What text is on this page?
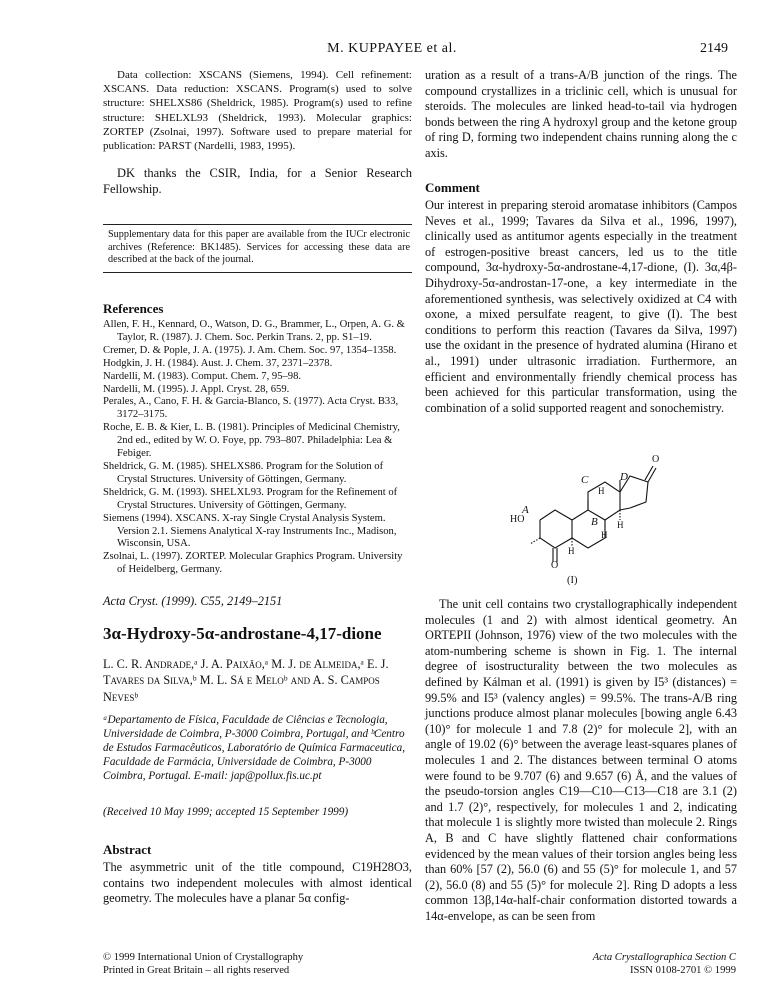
M. KUPPAYEE et al.	2149

Data collection: XSCANS (Siemens, 1994). Cell refinement: XSCANS. Data reduction: XSCANS. Program(s) used to solve structure: SHELXS86 (Sheldrick, 1985). Program(s) used to refine structure: SHELXL93 (Sheldrick, 1993). Molecular graphics: ZORTEP (Zsolnai, 1997). Software used to prepare material for publication: PARST (Nardelli, 1983, 1995).

DK thanks the CSIR, India, for a Senior Research Fellowship.

Supplementary data for this paper are available from the IUCr electronic archives (Reference: BK1485). Services for accessing these data are described at the back of the journal.

References

Allen, F. H., Kennard, O., Watson, D. G., Brammer, L., Orpen, A. G. & Taylor, R. (1987). J. Chem. Soc. Perkin Trans. 2, pp. S1–19.

Cremer, D. & Pople, J. A. (1975). J. Am. Chem. Soc. 97, 1354–1358.

Hodgkin, J. H. (1984). Aust. J. Chem. 37, 2371–2378.

Nardelli, M. (1983). Comput. Chem. 7, 95–98.

Nardelli, M. (1995). J. Appl. Cryst. 28, 659.

Perales, A., Cano, F. H. & Garcia-Blanco, S. (1977). Acta Cryst. B33, 3172–3175.

Roche, E. B. & Kier, L. B. (1981). Principles of Medicinal Chemistry, 2nd ed., edited by W. O. Foye, pp. 793–807. Philadelphia: Lea & Febiger.

Sheldrick, G. M. (1985). SHELXS86. Program for the Solution of Crystal Structures. University of Göttingen, Germany.

Sheldrick, G. M. (1993). SHELXL93. Program for the Refinement of Crystal Structures. University of Göttingen, Germany.

Siemens (1994). XSCANS. X-ray Single Crystal Analysis System. Version 2.1. Siemens Analytical X-ray Instruments Inc., Madison, Wisconsin, USA.

Zsolnai, L. (1997). ZORTEP. Molecular Graphics Program. University of Heidelberg, Germany.

Acta Cryst. (1999). C55, 2149–2151
3α-Hydroxy-5α-androstane-4,17-dione
L. C. R. Andrade,ᵃ J. A. Paixão,ᵃ M. J. de Almeida,ᵃ E. J. Tavares da Silva,ᵇ M. L. Sá e Meloᵇ and A. S. Campos Nevesᵇ
ᵃDepartamento de Física, Faculdade de Ciências e Tecnologia, Universidade de Coimbra, P-3000 Coimbra, Portugal, and ᵇCentro de Estudos Farmacêuticos, Laboratório de Química Farmaceutica, Faculdade de Farmácia, Universidade de Coimbra, P-3000 Coimbra, Portugal. E-mail: jap@pollux.fis.uc.pt
(Received 10 May 1999; accepted 15 September 1999)
Abstract

The asymmetric unit of the title compound, C19H28O3, contains two independent molecules with almost identical geometry. The molecules have a planar 5α config-

uration as a result of a trans-A/B junction of the rings. The compound crystallizes in a triclinic cell, which is unusual for steroids. The molecules are linked head-to-tail via hydrogen bonds between the ring A hydroxyl group and the ketone group of ring D, forming two independent chains running along the c axis.

Comment

Our interest in preparing steroid aromatase inhibitors (Campos Neves et al., 1999; Tavares da Silva et al., 1996, 1997), clinically used as antitumor agents especially in the treatment of estrogen-positive breast cancers, led us to the title compound, 3α-hydroxy-5α-androstane-4,17-dione, (I). 3α,4β-Dihydroxy-5α-androstan-17-one, a key intermediate in the aforementioned synthesis, was selectively oxidized at C4 with oxone, a mixed persulfate reagent, to give (I). The best conditions to perform this reaction (Tavares da Silva, 1997) use the oxidant in the presence of hydrated alumina (Hirano et al., 1991) under ultrasonic irradiation. Furthermore, an efficient and environmentally friendly chemical process has been achieved for this particular transformation, using the combination of a solid supported reagent and sonochemistry.

A
B
C	D
HO
O
O
H
H
H
H
(I)

The unit cell contains two crystallographically independent molecules (1 and 2) with almost identical geometry. An ORTEPII (Johnson, 1976) view of the two molecules with the atom-numbering scheme is shown in Fig. 1. The internal degree of isostructurality between the two molecules as defined by Kálman et al. (1991) is given by I5³ (distances) = 99.5% and I5³ (valency angles) = 99.5%. The trans-A/B ring junctions produce almost planar molecules [bowing angle 6.43 (10)° for molecule 1 and 7.8 (2)° for molecule 2], with an angle of 19.02 (6)° between the average least-squares planes of molecules 1 and 2. The distances between terminal O atoms were found to be 9.707 (6) and 9.657 (6) Å, and the values of the pseudo-torsion angles C19—C10—C13—C18 are 3.1 (2) and 1.7 (2)°, respectively, for molecules 1 and 2, indicating that molecule 1 is slightly more twisted than molecule 2. Rings A, B and C have slightly flattened chair conformations evidenced by the mean values of their torsion angles being less than 60% [57 (2), 56.0 (6) and 55 (5)° for molecule 1, and 57 (2), 56.0 (8) and 55 (5)° for molecule 2]. Ring D adopts a less common 13β,14α-half-chair conformation distorted towards a 14α-envelope, as can be seen from

© 1999 International Union of Crystallography
Printed in Great Britain – all rights reserved
Acta Crystallographica Section C
ISSN 0108-2701 © 1999
